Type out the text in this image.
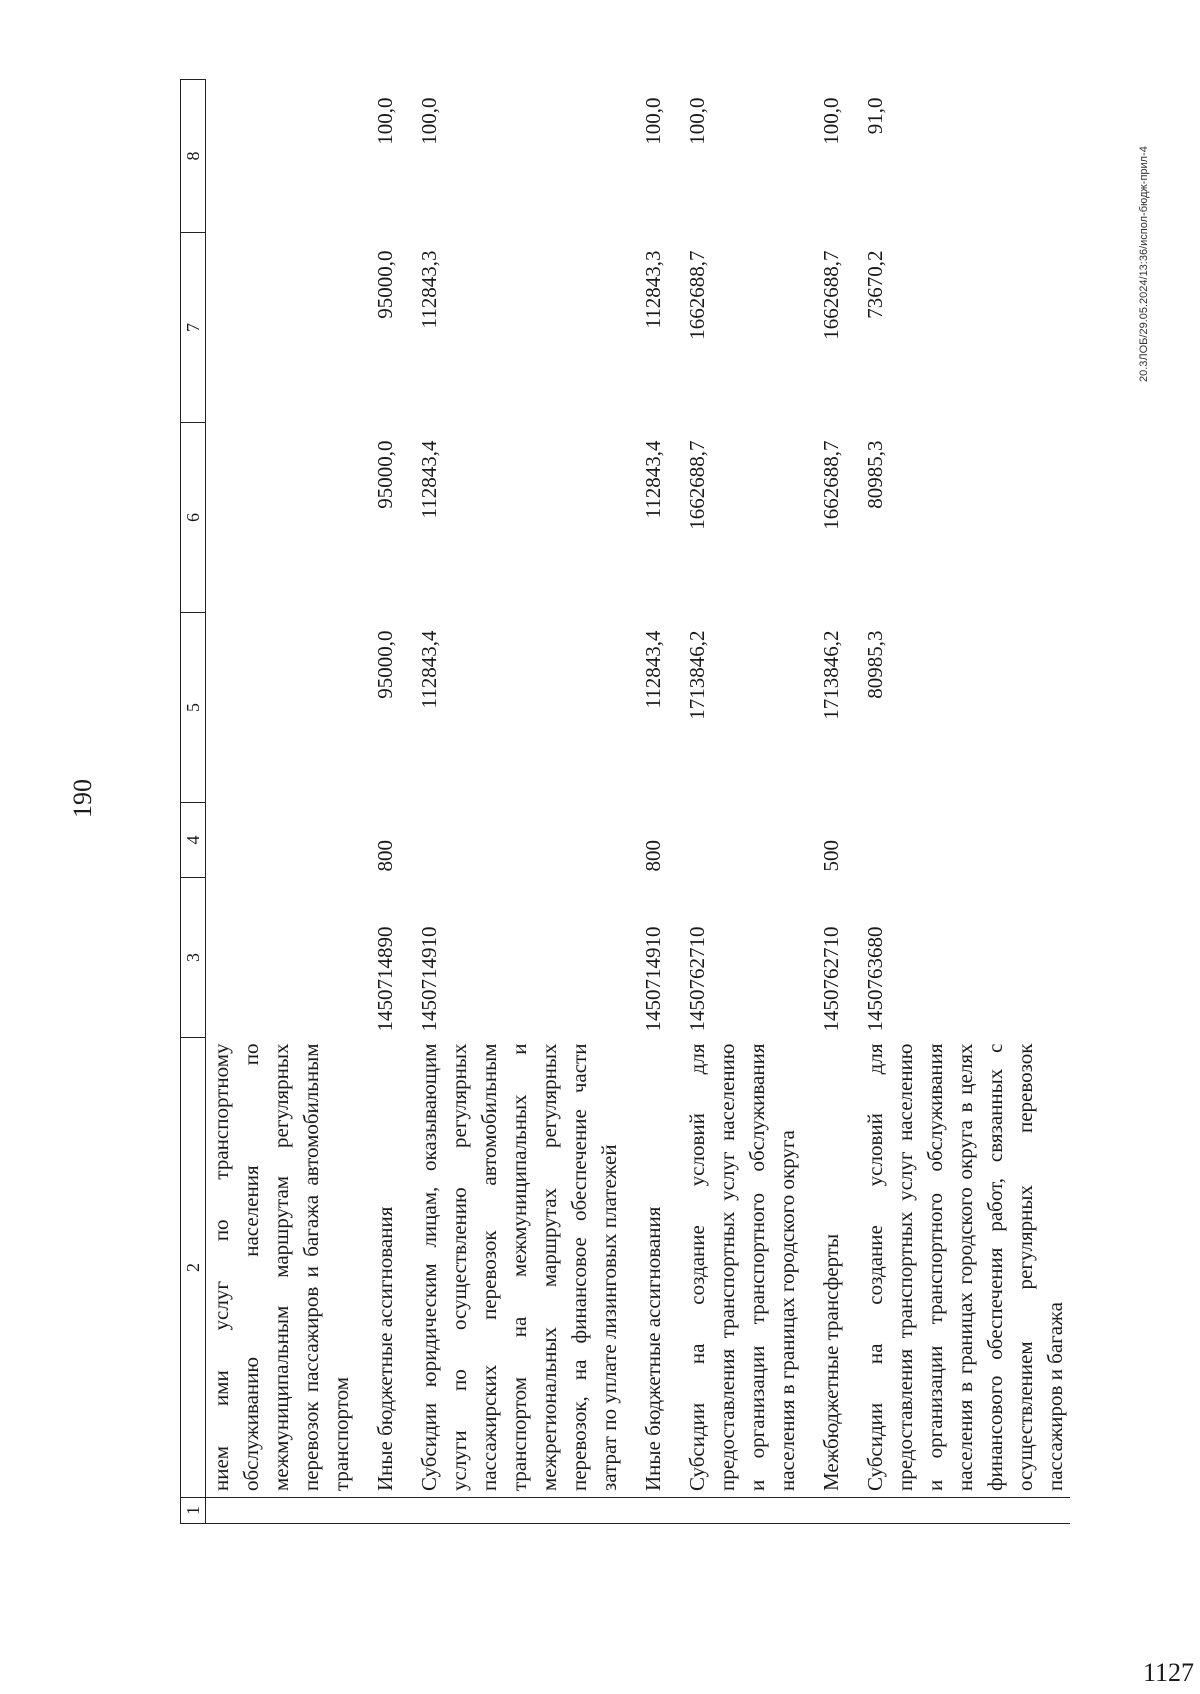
190
20.3ЛОБ/29.05.2024/13:36/испол-бюдж-прил-4
1127
1	2	3	4	5	6	7	8
	нием ими услуг по транспортному обслуживанию населения по межмуниципальным маршрутам регулярных перевозок пассажиров и багажа автомобильным транспортом						

	Иные бюджетные ассигнования	1450714890	800	95000,0	95000,0	95000,0	100,0

	Субсидии юридическим лицам, оказывающим услуги по осуществлению регулярных пассажирских перевозок автомобильным транспортом на межмуниципальных и межрегиональных маршрутах регулярных перевозок, на финансовое обеспечение части затрат по уплате лизинговых платежей	1450714910		112843,4	112843,4	112843,3	100,0

	Иные бюджетные ассигнования	1450714910	800	112843,4	112843,4	112843,3	100,0

	Субсидии на создание условий для предоставления транспортных услуг населению и организации транспортного обслуживания населения в границах городского округа	1450762710		1713846,2	1662688,7	1662688,7	100,0

	Межбюджетные трансферты	1450762710	500	1713846,2	1662688,7	1662688,7	100,0

	Субсидии на создание условий для предоставления транспортных услуг населению и организации транспортного обслуживания населения в границах городского округа в целях финансового обеспечения работ, связанных с осуществлением регулярных перевозок пассажиров и багажа	1450763680		80985,3	80985,3	73670,2	91,0
